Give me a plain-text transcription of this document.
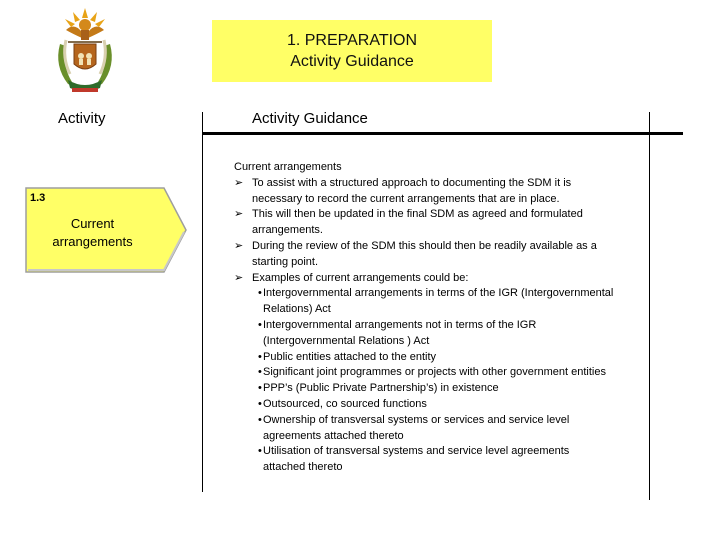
1. PREPARATION
Activity Guidance
Activity	Activity Guidance
1.3
Current arrangements
Current arrangements
➢ To assist with a structured approach to documenting the SDM it is necessary to record the current arrangements that are in place.
➢ This will then be updated in the final SDM as agreed and formulated arrangements.
➢ During the review of the SDM this should then be readily available as a starting point.
➢ Examples of current arrangements could be:
• Intergovernmental arrangements in terms of the IGR (Intergovernmental Relations) Act
• Intergovernmental arrangements not in terms of the IGR (Intergovernmental Relations ) Act
• Public entities attached to the entity
• Significant joint programmes or projects with other government entities
• PPP’s (Public Private Partnership’s) in existence
• Outsourced, co sourced functions
• Ownership of transversal systems or services and service level agreements attached thereto
• Utilisation of transversal systems and service level agreements attached thereto
